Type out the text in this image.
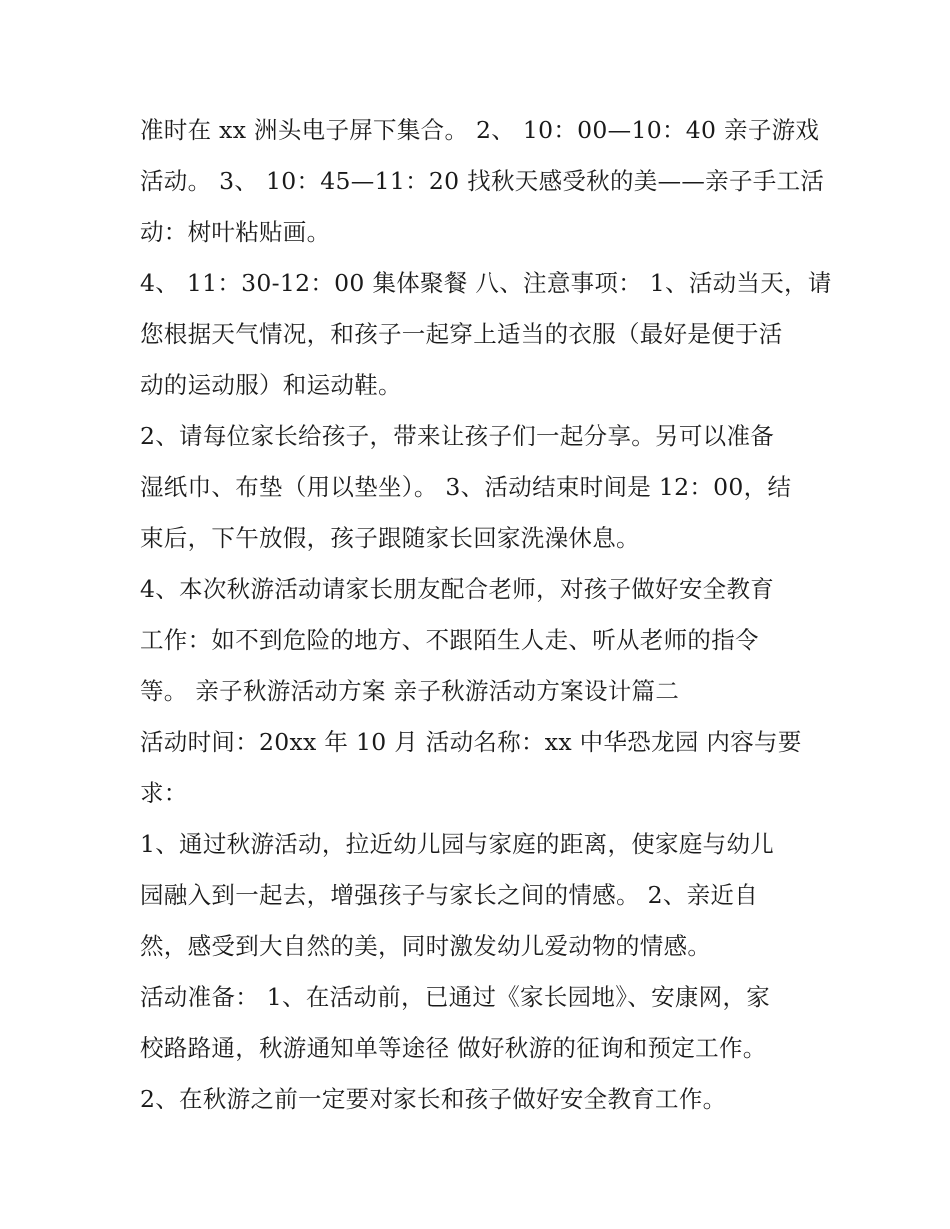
准时在 xx 洲头电子屏下集合。 2、 10：00—10：40 亲子游戏
活动。 3、 10：45—11：20 找秋天感受秋的美——亲子手工活
动：树叶粘贴画。
4、 11：30-12：00 集体聚餐 八、注意事项： 1、活动当天，请
您根据天气情况，和孩子一起穿上适当的衣服（最好是便于活
动的运动服）和运动鞋。
2、请每位家长给孩子，带来让孩子们一起分享。另可以准备
湿纸巾、布垫（用以垫坐）。 3、活动结束时间是 12：00，结
束后，下午放假，孩子跟随家长回家洗澡休息。
4、本次秋游活动请家长朋友配合老师，对孩子做好安全教育
工作：如不到危险的地方、不跟陌生人走、听从老师的指令
等。 亲子秋游活动方案 亲子秋游活动方案设计篇二
活动时间：20xx 年 10 月 活动名称：xx 中华恐龙园 内容与要
求：
1、通过秋游活动，拉近幼儿园与家庭的距离，使家庭与幼儿
园融入到一起去，增强孩子与家长之间的情感。 2、亲近自
然，感受到大自然的美，同时激发幼儿爱动物的情感。
活动准备： 1、在活动前，已通过《家长园地》、安康网，家
校路路通，秋游通知单等途径 做好秋游的征询和预定工作。
2、在秋游之前一定要对家长和孩子做好安全教育工作。
